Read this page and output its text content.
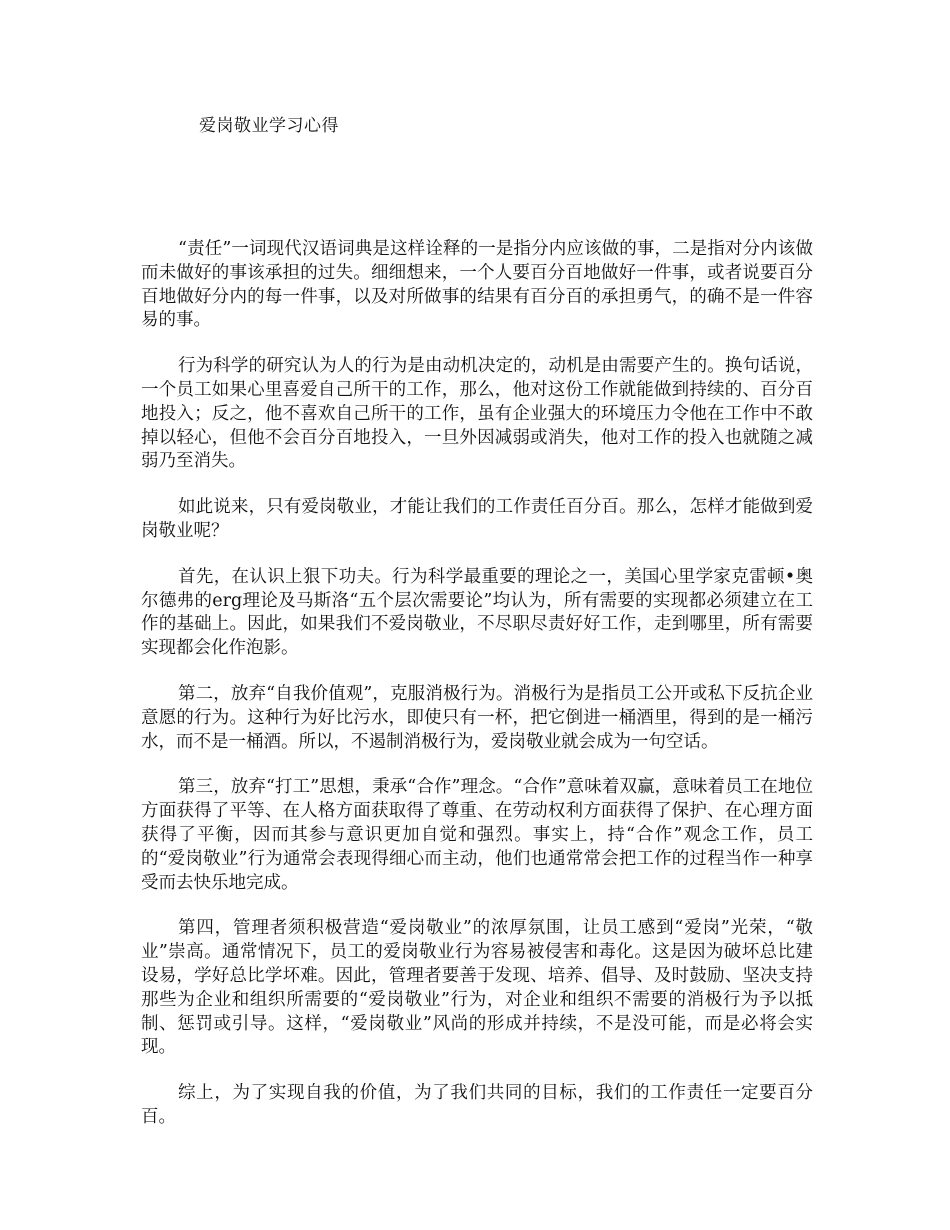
爱岗敬业学习心得

“责任”一词现代汉语词典是这样诠释的一是指分内应该做的事，二是指对分内该做而未做好的事该承担的过失。细细想来，一个人要百分百地做好一件事，或者说要百分百地做好分内的每一件事，以及对所做事的结果有百分百的承担勇气，的确不是一件容易的事。

行为科学的研究认为人的行为是由动机决定的，动机是由需要产生的。换句话说，一个员工如果心里喜爱自己所干的工作，那么，他对这份工作就能做到持续的、百分百地投入；反之，他不喜欢自己所干的工作，虽有企业强大的环境压力令他在工作中不敢掉以轻心，但他不会百分百地投入，一旦外因减弱或消失，他对工作的投入也就随之减弱乃至消失。

如此说来，只有爱岗敬业，才能让我们的工作责任百分百。那么，怎样才能做到爱岗敬业呢？

首先，在认识上狠下功夫。行为科学最重要的理论之一，美国心里学家克雷顿•奥尔德弗的erg理论及马斯洛“五个层次需要论”均认为，所有需要的实现都必须建立在工作的基础上。因此，如果我们不爱岗敬业，不尽职尽责好好工作，走到哪里，所有需要实现都会化作泡影。

第二，放弃“自我价值观”，克服消极行为。消极行为是指员工公开或私下反抗企业意愿的行为。这种行为好比污水，即使只有一杯，把它倒进一桶酒里，得到的是一桶污水，而不是一桶酒。所以，不遏制消极行为，爱岗敬业就会成为一句空话。

第三，放弃“打工”思想，秉承“合作”理念。“合作”意味着双赢，意味着员工在地位方面获得了平等、在人格方面获取得了尊重、在劳动权利方面获得了保护、在心理方面获得了平衡，因而其参与意识更加自觉和强烈。事实上，持“合作”观念工作，员工的“爱岗敬业”行为通常会表现得细心而主动，他们也通常常会把工作的过程当作一种享受而去快乐地完成。

第四，管理者须积极营造“爱岗敬业”的浓厚氛围，让员工感到“爱岗”光荣，“敬业”崇高。通常情况下，员工的爱岗敬业行为容易被侵害和毒化。这是因为破坏总比建设易，学好总比学坏难。因此，管理者要善于发现、培养、倡导、及时鼓励、坚决支持那些为企业和组织所需要的“爱岗敬业”行为，对企业和组织不需要的消极行为予以抵制、惩罚或引导。这样，“爱岗敬业”风尚的形成并持续，不是没可能，而是必将会实现。

综上，为了实现自我的价值，为了我们共同的目标，我们的工作责任一定要百分百。
